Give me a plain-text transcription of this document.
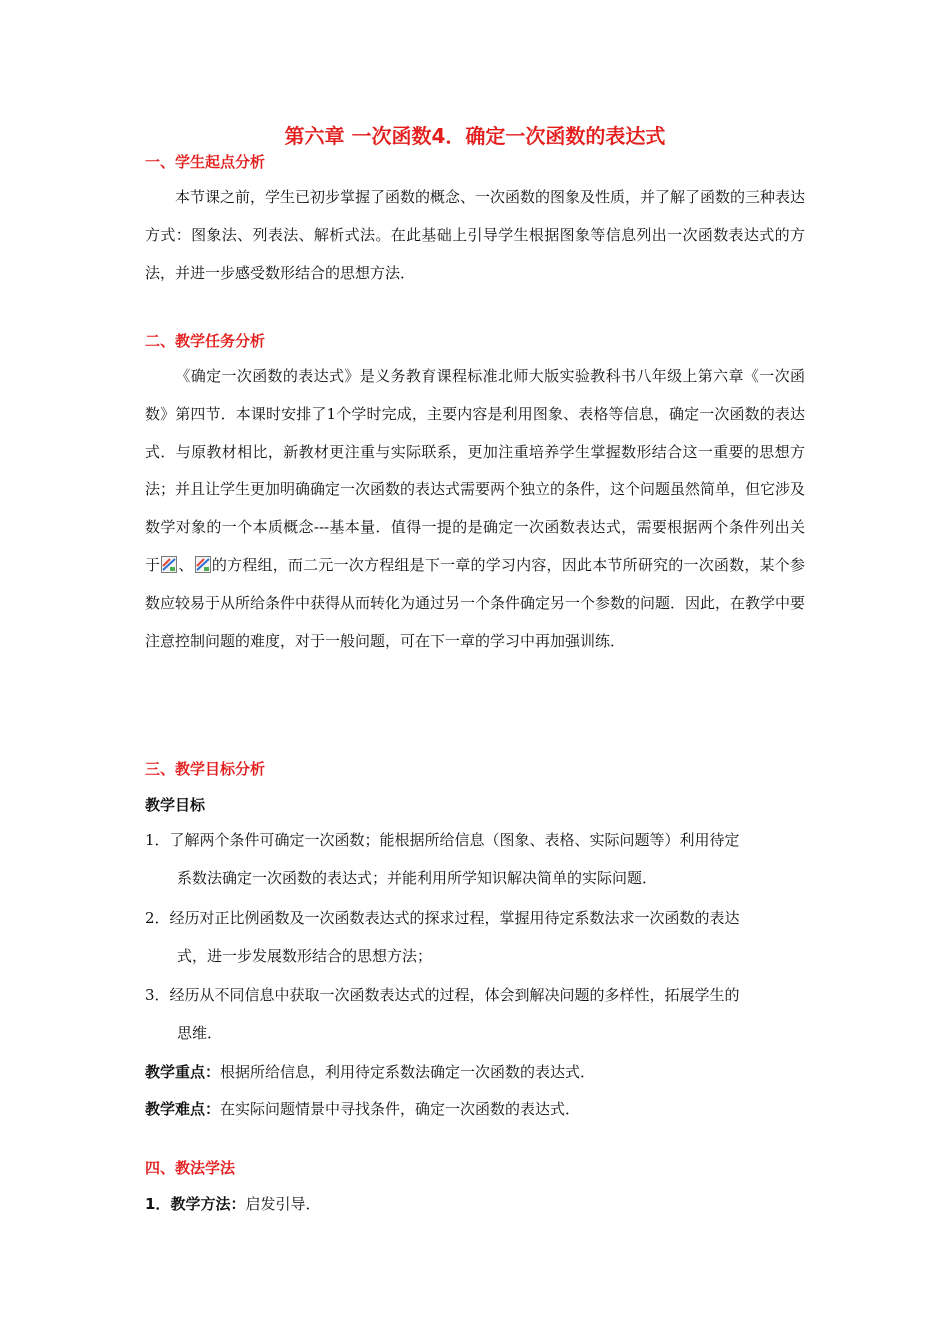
第六章 一次函数4．确定一次函数的表达式
一、学生起点分析
本节课之前，学生已初步掌握了函数的概念、一次函数的图象及性质，并了解了函数的三种表达方式：图象法、列表法、解析式法。在此基础上引导学生根据图象等信息列出一次函数表达式的方法，并进一步感受数形结合的思想方法．
二、教学任务分析
《确定一次函数的表达式》是义务教育课程标准北师大版实验教科书八年级上第六章《一次函数》第四节．本课时安排了1个学时完成，主要内容是利用图象、表格等信息，确定一次函数的表达式．与原教材相比，新教材更注重与实际联系，更加注重培养学生掌握数形结合这一重要的思想方法；并且让学生更加明确确定一次函数的表达式需要两个独立的条件，这个问题虽然简单，但它涉及数学对象的一个本质概念---基本量．值得一提的是确定一次函数表达式，需要根据两个条件列出关于 、 的方程组，而二元一次方程组是下一章的学习内容，因此本节所研究的一次函数，某个参数应较易于从所给条件中获得从而转化为通过另一个条件确定另一个参数的问题．因此，在教学中要注意控制问题的难度，对于一般问题，可在下一章的学习中再加强训练．
三、教学目标分析
教学目标
1．了解两个条件可确定一次函数；能根据所给信息（图象、表格、实际问题等）利用待定
系数法确定一次函数的表达式；并能利用所学知识解决简单的实际问题．
2．经历对正比例函数及一次函数表达式的探求过程，掌握用待定系数法求一次函数的表达
式，进一步发展数形结合的思想方法；
3．经历从不同信息中获取一次函数表达式的过程，体会到解决问题的多样性，拓展学生的
思维．
教学重点：根据所给信息，利用待定系数法确定一次函数的表达式．
教学难点：在实际问题情景中寻找条件，确定一次函数的表达式．
四、教法学法
1．教学方法：启发引导．
